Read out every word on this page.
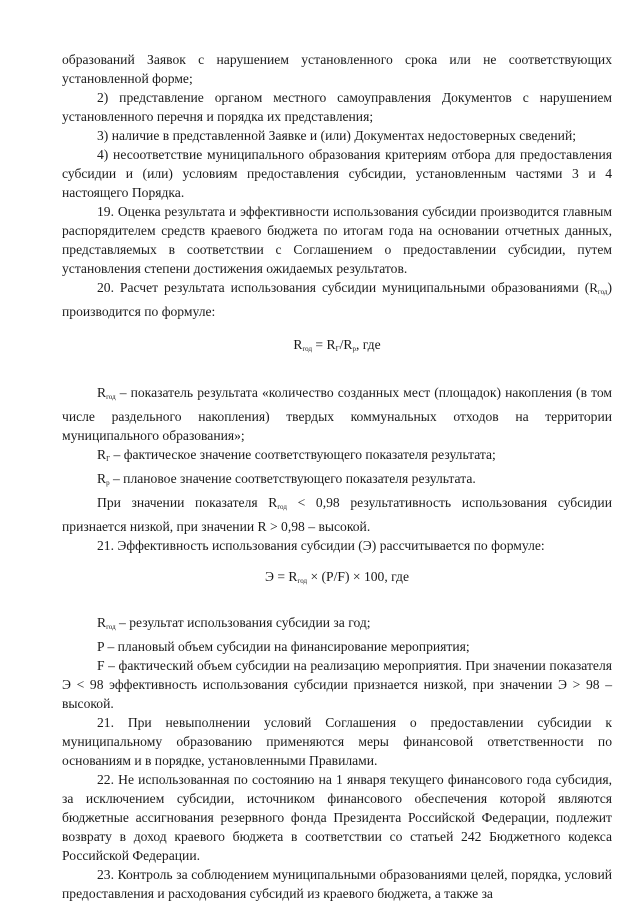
образований Заявок с нарушением установленного срока или не соответствующих установленной форме;

2) представление органом местного самоуправления Документов с нарушением установленного перечня и порядка их представления;

3) наличие в представленной Заявке и (или) Документах недостоверных сведений;

4) несоответствие муниципального образования критериям отбора для предоставления субсидии и (или) условиям предоставления субсидии, установленным частями 3 и 4 настоящего Порядка.

19. Оценка результата и эффективности использования субсидии производится главным распорядителем средств краевого бюджета по итогам года на основании отчетных данных, представляемых в соответствии с Соглашением о предоставлении субсидии, путем установления степени достижения ожидаемых результатов.

20. Расчет результата использования субсидии муниципальными образованиями $(R_{год})$ производится по формуле:

$R_{год} = R_Г/R_р$, где

$R_{год}$ – показатель результата «количество созданных мест (площадок) накопления (в том числе раздельного накопления) твердых коммунальных отходов на территории муниципального образования»;

$R_Г$ – фактическое значение соответствующего показателя результата;

$R_р$ – плановое значение соответствующего показателя результата.

При значении показателя $R_{год} < 0,98$ результативность использования субсидии признается низкой, при значении R > 0,98 – высокой.

21. Эффективность использования субсидии (Э) рассчитывается по формуле:

$Э = R_{год} \times (P/F) \times 100$, где

$R_{год}$ – результат использования субсидии за год;

P – плановый объем субсидии на финансирование мероприятия;

F – фактический объем субсидии на реализацию мероприятия. При значении показателя Э < 98 эффективность использования субсидии признается низкой, при значении Э > 98 – высокой.

21. При невыполнении условий Соглашения о предоставлении субсидии к муниципальному образованию применяются меры финансовой ответственности по основаниям и в порядке, установленными Правилами.

22. Не использованная по состоянию на 1 января текущего финансового года субсидия, за исключением субсидии, источником финансового обеспечения которой являются бюджетные ассигнования резервного фонда Президента Российской Федерации, подлежит возврату в доход краевого бюджета в соответствии со статьей 242 Бюджетного кодекса Российской Федерации.

23. Контроль за соблюдением муниципальными образованиями целей, порядка, условий предоставления и расходования субсидий из краевого бюджета, а также за
